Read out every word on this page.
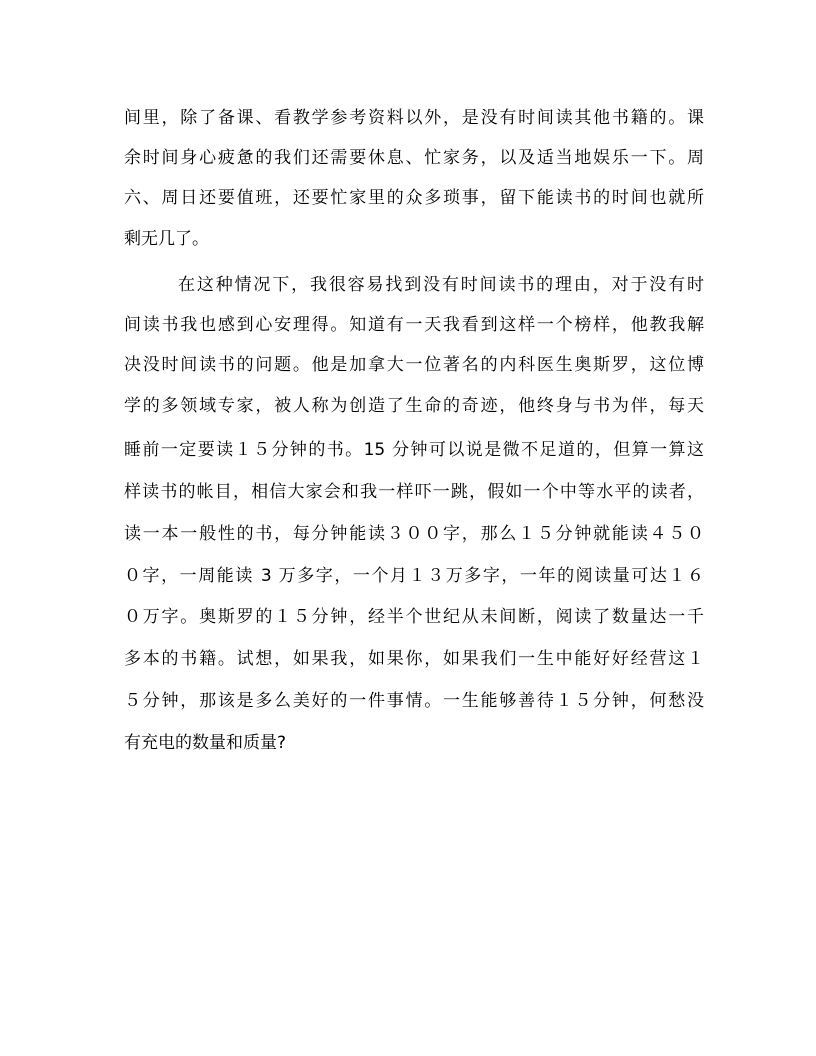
间里，除了备课、看教学参考资料以外，是没有时间读其他书籍的。课
余时间身心疲惫的我们还需要休息、忙家务，以及适当地娱乐一下。周
六、周日还要值班，还要忙家里的众多琐事，留下能读书的时间也就所
剩无几了。
在这种情况下，我很容易找到没有时间读书的理由，对于没有时
间读书我也感到心安理得。知道有一天我看到这样一个榜样，他教我解
决没时间读书的问题。他是加拿大一位著名的内科医生奥斯罗，这位博
学的多领域专家，被人称为创造了生命的奇迹，他终身与书为伴，每天
睡前一定要读１５分钟的书。15 分钟可以说是微不足道的，但算一算这
样读书的帐目，相信大家会和我一样吓一跳，假如一个中等水平的读者，
读一本一般性的书，每分钟能读３００字，那么１５分钟就能读４５０
０字，一周能读 3 万多字，一个月１３万多字，一年的阅读量可达１６
０万字。奥斯罗的１５分钟，经半个世纪从未间断，阅读了数量达一千
多本的书籍。试想，如果我，如果你，如果我们一生中能好好经营这１
５分钟，那该是多么美好的一件事情。一生能够善待１５分钟，何愁没
有充电的数量和质量?
